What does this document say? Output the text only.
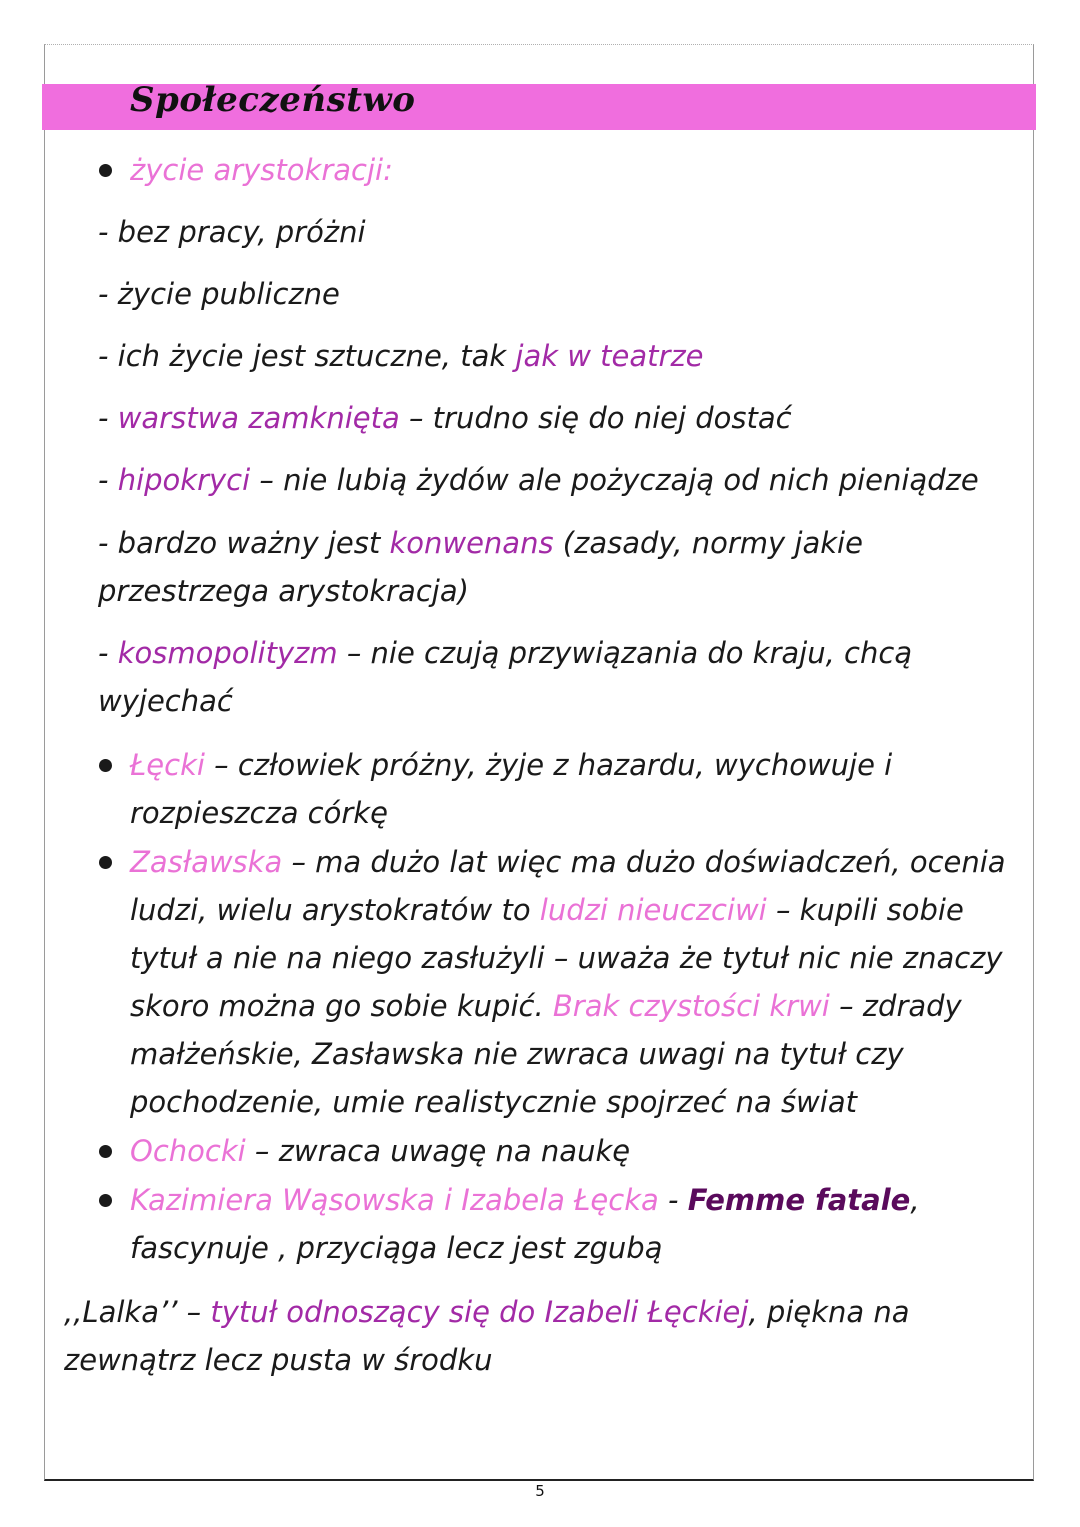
Społeczeństwo
życie arystokracji:
- bez pracy, próżni
- życie publiczne
- ich życie jest sztuczne, tak jak w teatrze
- warstwa zamknięta – trudno się do niej dostać
- hipokryci – nie lubią żydów ale pożyczają od nich pieniądze
- bardzo ważny jest konwenans (zasady, normy jakie
przestrzega arystokracja)
- kosmopolityzm – nie czują przywiązania do kraju, chcą
wyjechać
Łęcki – człowiek próżny, żyje z hazardu, wychowuje i
rozpieszcza córkę
Zasławska – ma dużo lat więc ma dużo doświadczeń, ocenia
ludzi, wielu arystokratów to ludzi nieuczciwi – kupili sobie
tytuł a nie na niego zasłużyli – uważa że tytuł nic nie znaczy
skoro można go sobie kupić. Brak czystości krwi – zdrady
małżeńskie, Zasławska nie zwraca uwagi na tytuł czy
pochodzenie, umie realistycznie spojrzeć na świat
Ochocki – zwraca uwagę na naukę
Kazimiera Wąsowska i Izabela Łęcka - Femme fatale,
fascynuje , przyciąga lecz jest zgubą
,,Lalka’’ – tytuł odnoszący się do Izabeli Łęckiej, piękna na
zewnątrz lecz pusta w środku
5
